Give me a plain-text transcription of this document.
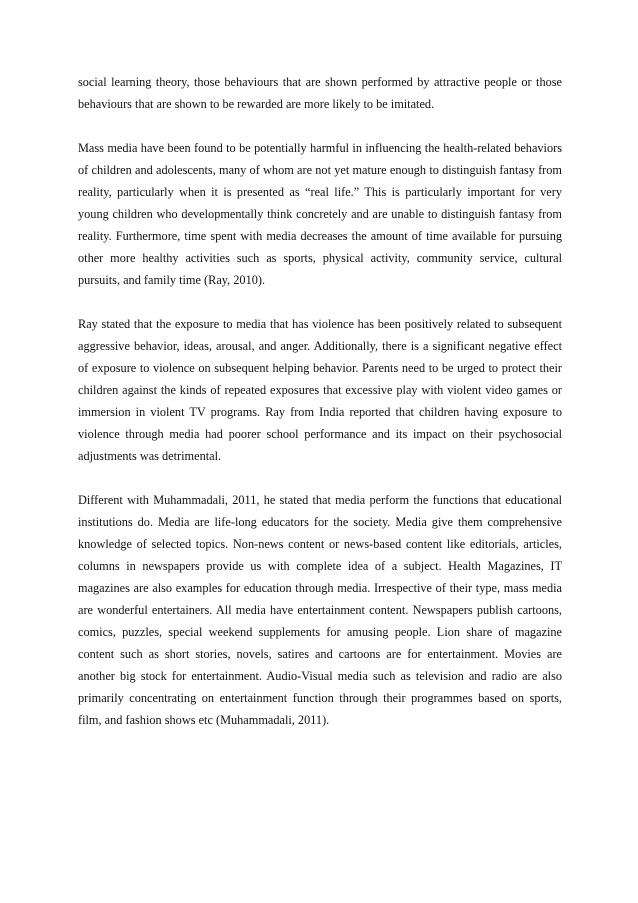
social learning theory, those behaviours that are shown performed by attractive people or those behaviours that are shown to be rewarded are more likely to be imitated.

Mass media have been found to be potentially harmful in influencing the health-related behaviors of children and adolescents, many of whom are not yet mature enough to distinguish fantasy from reality, particularly when it is presented as “real life.” This is particularly important for very young children who developmentally think concretely and are unable to distinguish fantasy from reality. Furthermore, time spent with media decreases the amount of time available for pursuing other more healthy activities such as sports, physical activity, community service, cultural pursuits, and family time (Ray, 2010).

Ray stated that the exposure to media that has violence has been positively related to subsequent aggressive behavior, ideas, arousal, and anger. Additionally, there is a significant negative effect of exposure to violence on subsequent helping behavior. Parents need to be urged to protect their children against the kinds of repeated exposures that excessive play with violent video games or immersion in violent TV programs. Ray from India reported that children having exposure to violence through media had poorer school performance and its impact on their psychosocial adjustments was detrimental.

Different with Muhammadali, 2011, he stated that media perform the functions that educational institutions do. Media are life-long educators for the society. Media give them comprehensive knowledge of selected topics. Non-news content or news-based content like editorials, articles, columns in newspapers provide us with complete idea of a subject. Health Magazines, IT magazines are also examples for education through media. Irrespective of their type, mass media are wonderful entertainers. All media have entertainment content. Newspapers publish cartoons, comics, puzzles, special weekend supplements for amusing people. Lion share of magazine content such as short stories, novels, satires and cartoons are for entertainment. Movies are another big stock for entertainment. Audio-Visual media such as television and radio are also primarily concentrating on entertainment function through their programmes based on sports, film, and fashion shows etc (Muhammadali, 2011).
